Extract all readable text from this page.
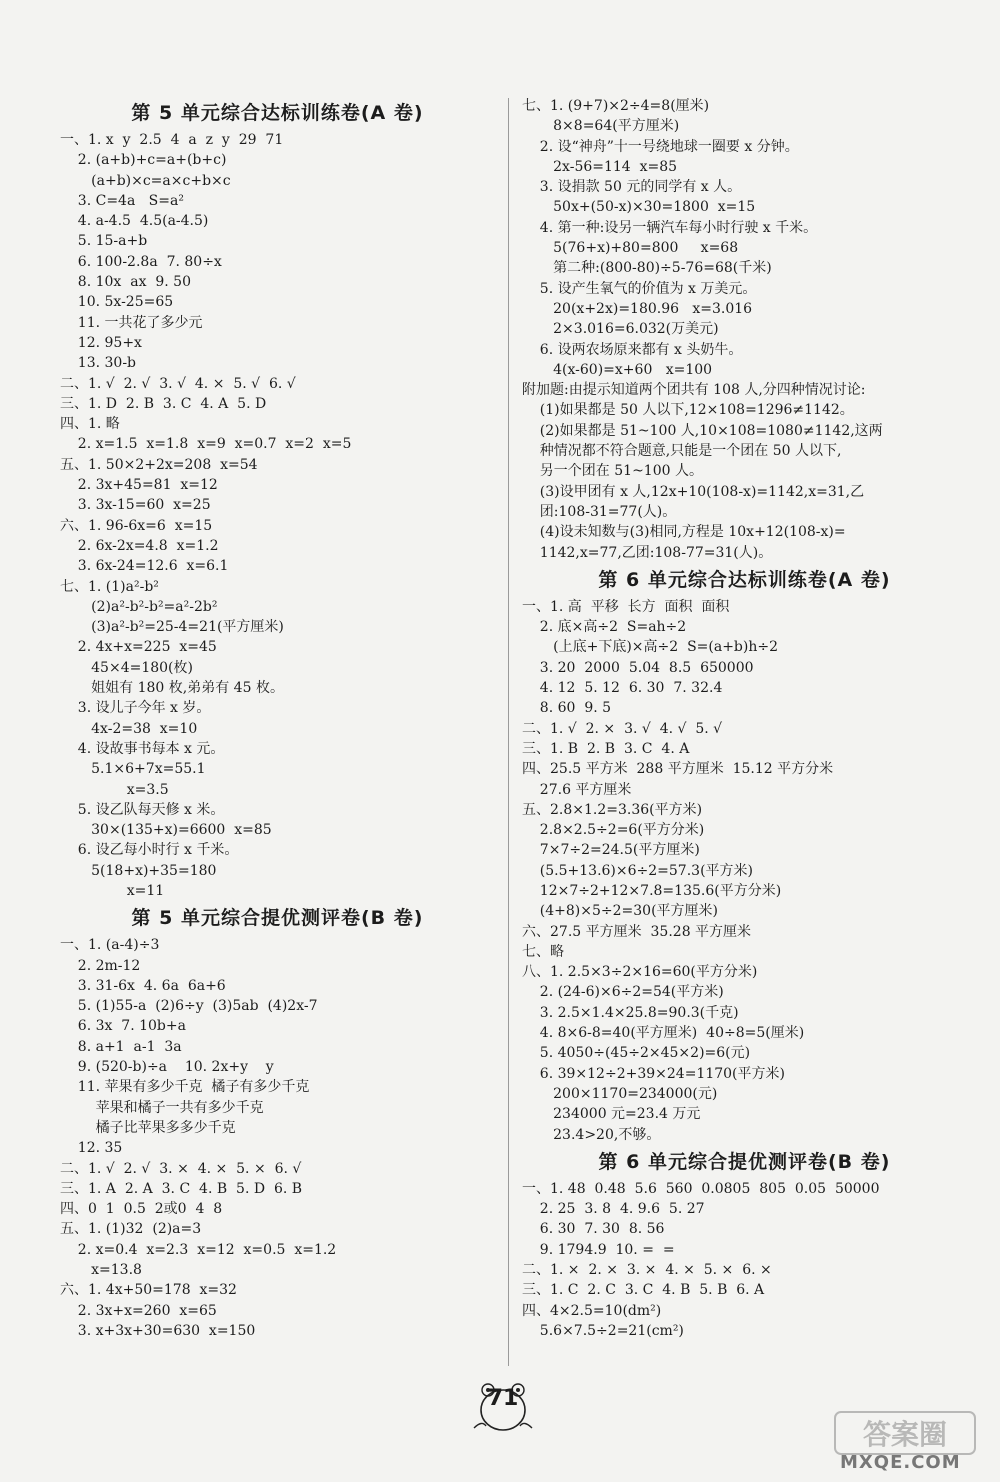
第 5 单元综合达标训练卷(A 卷)
一、1. x  y  2.5  4  a  z  y  29  71
2. (a+b)+c=a+(b+c)
(a+b)×c=a×c+b×c
3. C=4a   S=a²
4. a-4.5  4.5(a-4.5)
5. 15-a+b
6. 100-2.8a  7. 80÷x
8. 10x  ax  9. 50
10. 5x-25=65
11. 一共花了多少元
12. 95+x
13. 30-b
二、1. √  2. √  3. √  4. ×  5. √  6. √
三、1. D  2. B  3. C  4. A  5. D
四、1. 略
2. x=1.5  x=1.8  x=9  x=0.7  x=2  x=5
五、1. 50×2+2x=208  x=54
2. 3x+45=81  x=12
3. 3x-15=60  x=25
六、1. 96-6x=6  x=15
2. 6x-2x=4.8  x=1.2
3. 6x-24=12.6  x=6.1
七、1. (1)a²-b²
(2)a²-b²-b²=a²-2b²
(3)a²-b²=25-4=21(平方厘米)
2. 4x+x=225  x=45
45×4=180(枚)
姐姐有 180 枚,弟弟有 45 枚。
3. 设儿子今年 x 岁。
4x-2=38  x=10
4. 设故事书每本 x 元。
5.1×6+7x=55.1
x=3.5
5. 设乙队每天修 x 米。
30×(135+x)=6600  x=85
6. 设乙每小时行 x 千米。
5(18+x)+35=180
x=11
第 5 单元综合提优测评卷(B 卷)
一、1. (a-4)÷3
2. 2m-12
3. 31-6x  4. 6a  6a+6
5. (1)55-a  (2)6÷y  (3)5ab  (4)2x-7
6. 3x  7. 10b+a
8. a+1  a-1  3a
9. (520-b)÷a    10. 2x+y    y
11. 苹果有多少千克  橘子有多少千克
苹果和橘子一共有多少千克
橘子比苹果多多少千克
12. 35
二、1. √  2. √  3. ×  4. ×  5. ×  6. √
三、1. A  2. A  3. C  4. B  5. D  6. B
四、0  1  0.5  2或0  4  8
五、1. (1)32  (2)a=3
2. x=0.4  x=2.3  x=12  x=0.5  x=1.2
x=13.8
六、1. 4x+50=178  x=32
2. 3x+x=260  x=65
3. x+3x+30=630  x=150
七、1. (9+7)×2÷4=8(厘米)
8×8=64(平方厘米)
2. 设“神舟”十一号绕地球一圈要 x 分钟。
2x-56=114  x=85
3. 设捐款 50 元的同学有 x 人。
50x+(50-x)×30=1800  x=15
4. 第一种:设另一辆汽车每小时行驶 x 千米。
5(76+x)+80=800     x=68
第二种:(800-80)÷5-76=68(千米)
5. 设产生氧气的价值为 x 万美元。
20(x+2x)=180.96   x=3.016
2×3.016=6.032(万美元)
6. 设两农场原来都有 x 头奶牛。
4(x-60)=x+60   x=100
附加题:由提示知道两个团共有 108 人,分四种情况讨论:
(1)如果都是 50 人以下,12×108=1296≠1142。
(2)如果都是 51~100 人,10×108=1080≠1142,这两
种情况都不符合题意,只能是一个团在 50 人以下,
另一个团在 51~100 人。
(3)设甲团有 x 人,12x+10(108-x)=1142,x=31,乙
团:108-31=77(人)。
(4)设未知数与(3)相同,方程是 10x+12(108-x)=
1142,x=77,乙团:108-77=31(人)。
第 6 单元综合达标训练卷(A 卷)
一、1. 高  平移  长方  面积  面积
2. 底×高÷2  S=ah÷2
(上底+下底)×高÷2  S=(a+b)h÷2
3. 20  2000  5.04  8.5  650000
4. 12  5. 12  6. 30  7. 32.4
8. 60  9. 5
二、1. √  2. ×  3. √  4. √  5. √
三、1. B  2. B  3. C  4. A
四、25.5 平方米  288 平方厘米  15.12 平方分米
27.6 平方厘米
五、2.8×1.2=3.36(平方米)
2.8×2.5÷2=6(平方分米)
7×7÷2=24.5(平方厘米)
(5.5+13.6)×6÷2=57.3(平方米)
12×7÷2+12×7.8=135.6(平方分米)
(4+8)×5÷2=30(平方厘米)
六、27.5 平方厘米  35.28 平方厘米
七、略
八、1. 2.5×3÷2×16=60(平方分米)
2. (24-6)×6÷2=54(平方米)
3. 2.5×1.4×25.8=90.3(千克)
4. 8×6-8=40(平方厘米)  40÷8=5(厘米)
5. 4050÷(45÷2×45×2)=6(元)
6. 39×12÷2+39×24=1170(平方米)
200×1170=234000(元)
234000 元=23.4 万元
23.4>20,不够。
第 6 单元综合提优测评卷(B 卷)
一、1. 48  0.48  5.6  560  0.0805  805  0.05  50000
2. 25  3. 8  4. 9.6  5. 27
6. 30  7. 30  8. 56
9. 1794.9  10. =  =
二、1. ×  2. ×  3. ×  4. ×  5. ×  6. ×
三、1. C  2. C  3. C  4. B  5. B  6. A
四、4×2.5=10(dm²)
5.6×7.5÷2=21(cm²)
71
答案圈
MXQE.COM
